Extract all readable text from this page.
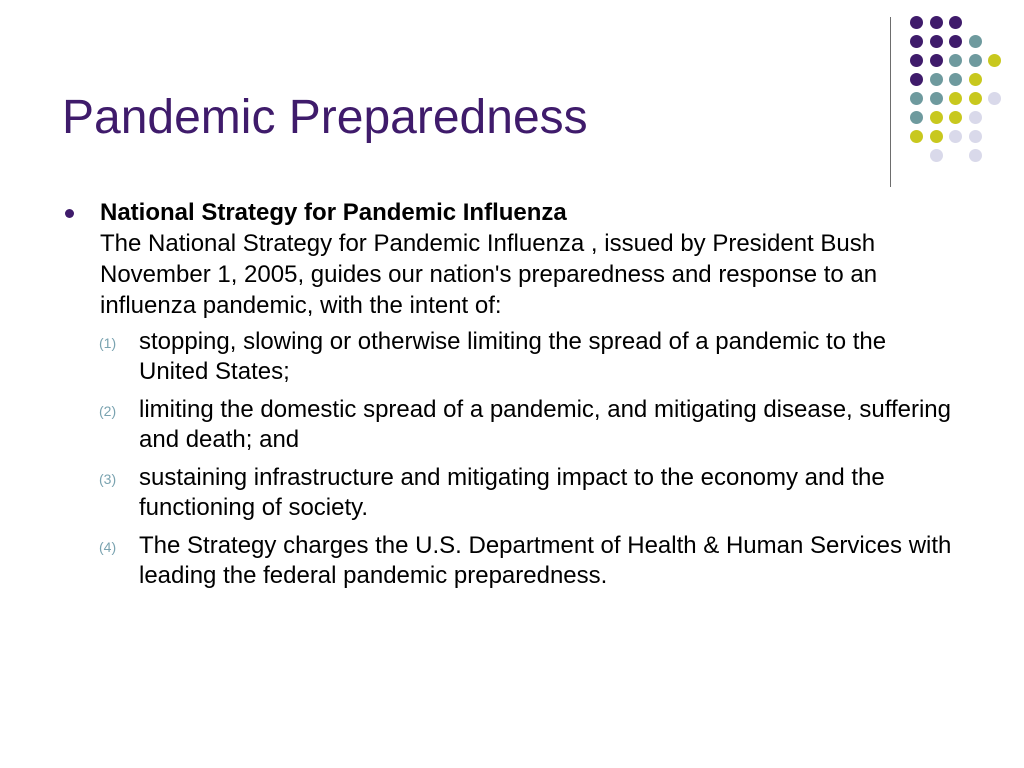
Pandemic Preparedness
National Strategy for Pandemic Influenza
The National Strategy for Pandemic Influenza , issued by President Bush November 1, 2005, guides our nation's preparedness and response to an influenza pandemic, with the intent of:
(1) stopping, slowing or otherwise limiting the spread of a pandemic to the United States;
(2) limiting the domestic spread of a pandemic, and mitigating disease, suffering and death; and
(3) sustaining infrastructure and mitigating impact to the economy and the functioning of society.
(4) The Strategy charges the U.S. Department of Health & Human Services with leading the federal pandemic preparedness.
